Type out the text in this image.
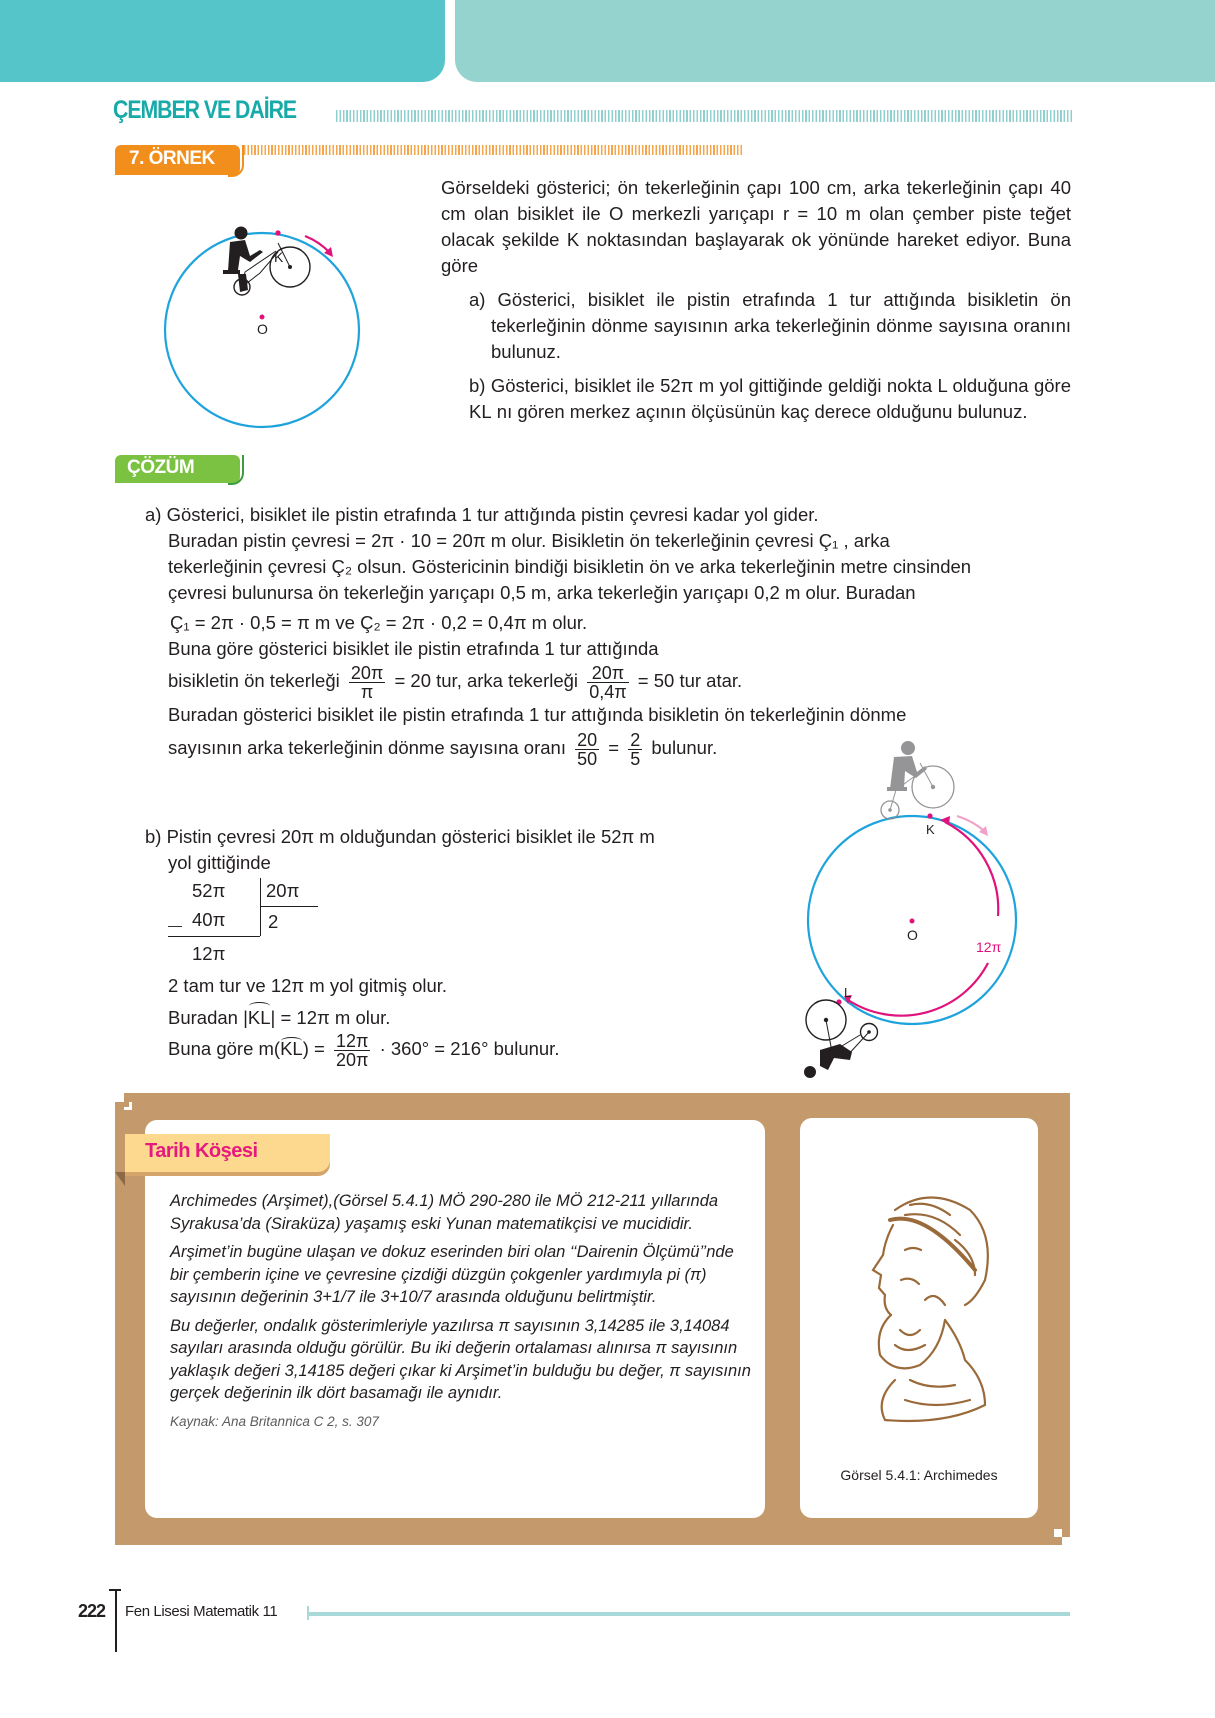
ÇEMBER VE DAİRE
7. ÖRNEK
K
O

Görseldeki gösterici; ön tekerleğinin çapı 100 cm, arka tekerleğinin çapı 40 cm olan bisiklet ile O merkezli yarıçapı r = 10 m olan çember piste teğet olacak şekilde K noktasından başlayarak ok yönünde hareket ediyor. Buna göre

a) Gösterici, bisiklet ile pistin etrafında 1 tur attığında bisikletin ön tekerleğinin dönme sayısının arka tekerleğinin dönme sayısına oranını bulunuz.

b) Gösterici, bisiklet ile 52π m yol gittiğinde geldiği nokta L olduğuna göre
KL nı gören merkez açının ölçüsünün kaç derece olduğunu bulunuz.

ÇÖZÜM
a) Gösterici, bisiklet ile pistin etrafında 1 tur attığında pistin çevresi kadar yol gider.
Buradan pistin çevresi = 2π · 10 = 20π m olur. Bisikletin ön tekerleğinin çevresi Ç₁ , arka
tekerleğinin çevresi Ç₂ olsun. Göstericinin bindiği bisikletin ön ve arka tekerleğinin metre cinsinden
çevresi bulunursa ön tekerleğin yarıçapı 0,5 m, arka tekerleğin yarıçapı 0,2 m olur. Buradan
Ç₁ = 2π · 0,5 = π m ve Ç₂ = 2π · 0,2 = 0,4π m olur.
Buna göre gösterici bisiklet ile pistin etrafında 1 tur attığında
bisikletin ön tekerleği $\frac{20\pi}{\pi} = 20$ tur, arka tekerleği $\frac{20\pi}{0,4\pi} = 50$ tur atar.
Buradan gösterici bisiklet ile pistin etrafında 1 tur attığında bisikletin ön tekerleğinin dönme
sayısının arka tekerleğinin dönme sayısına oranı $\frac{20}{50} = \frac{2}{5}$ bulunur.
b) Pistin çevresi 20π m olduğundan gösterici bisiklet ile 52π m
yol gittiğinde
52π 20π
40π 2
—
12π
2 tam tur ve 12π m yol gitmiş olur.
Buradan |
KL| = 12π m olur.
Buna göre m(
$KL) = \frac{12\pi}{20\pi} \cdot 360^\circ = 216^\circ$ bulunur.
K
12π
O
L
Tarih Köşesi

Archimedes (Arşimet),(Görsel 5.4.1) MÖ 290-280 ile MÖ 212-211 yıllarında Syrakusa’da (Siraküza) yaşamış eski Yunan matematikçisi ve mucididir.

Arşimet’in bugüne ulaşan ve dokuz eserinden biri olan ‘‘Dairenin Ölçümü’’nde bir çemberin içine ve çevresine çizdiği düzgün çokgenler yardımıyla pi (π) sayısının değerinin 3+1/7 ile 3+10/7 arasında olduğunu belirtmiştir.

Bu değerler, ondalık gösterimleriyle yazılırsa π sayısının 3,14285 ile 3,14084 sayıları arasında olduğu görülür. Bu iki değerin ortalaması alınırsa π sayısının yaklaşık değeri 3,14185 değeri çıkar ki Arşimet’in bulduğu bu değer, π sayısının gerçek değerinin ilk dört basamağı ile aynıdır.

Kaynak: Ana Britannica C 2, s. 307
Görsel 5.4.1: Archimedes
222 Fen Lisesi Matematik 11
